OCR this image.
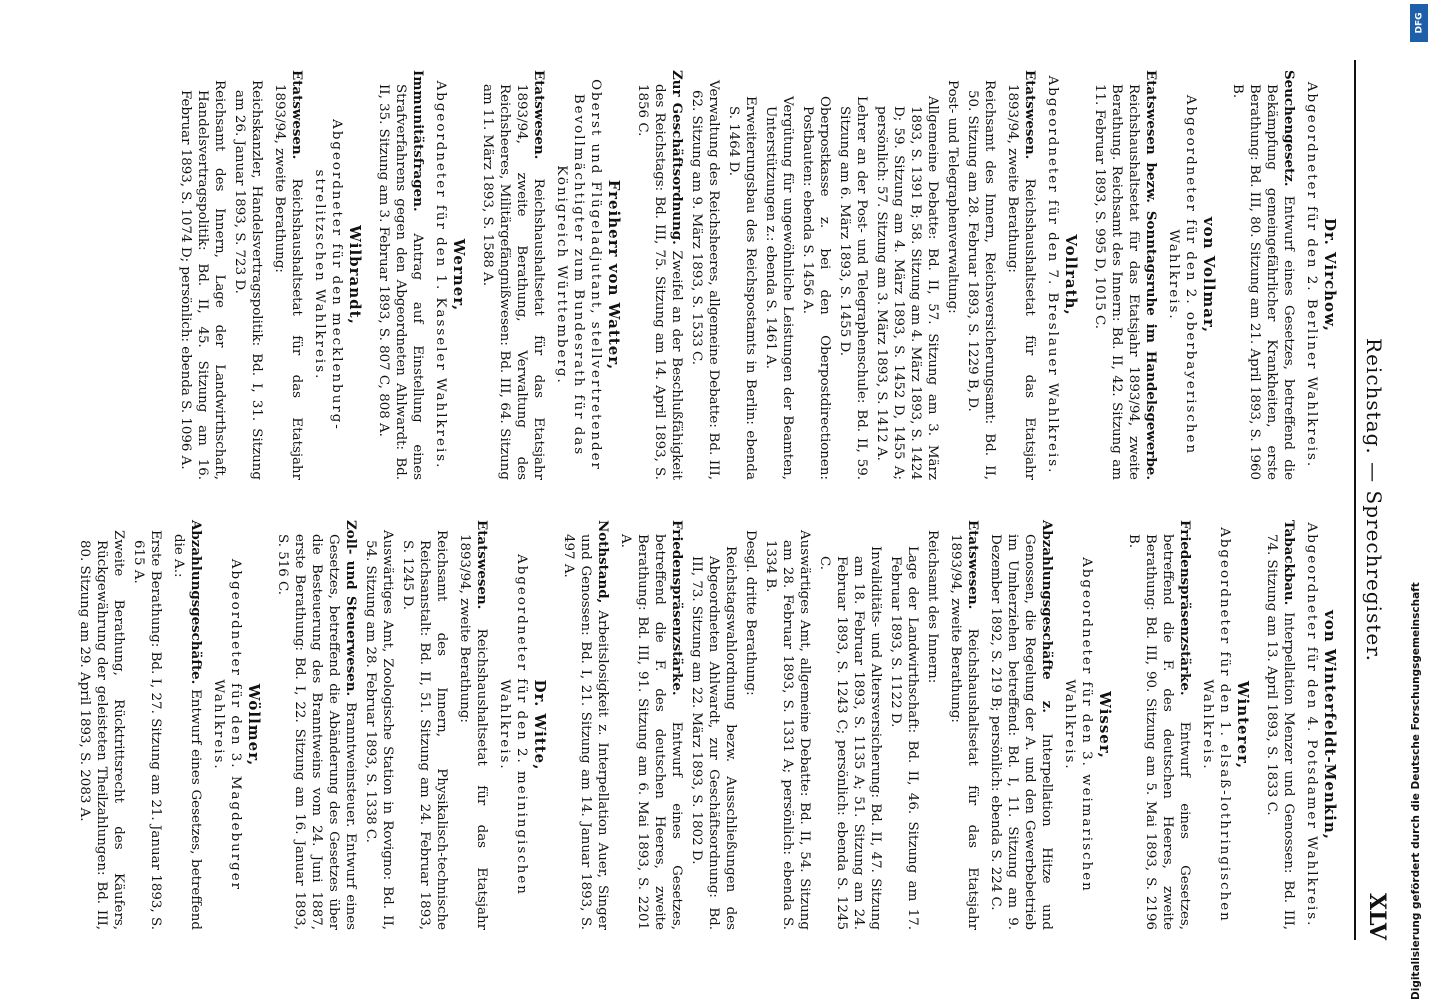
Reichstag. — Sprechregister.
XLV
Dr. Virchow,
Abgeordneter für den 2. Berliner Wahlkreis.
Seuchengesetz. Entwurf eines Gesetzes, betreffend die Bekämpfung gemeingefährlicher Krankheiten, erste Berathung: Bd. III, 80. Sitzung am 21. April 1893, S. 1960 B.
von Vollmar,
Abgeordneter für den 2. oberbayerischen Wahlkreis.
Etatswesen bezw. Sonntagsruhe im Handelsgewerbe. Reichshaushaltsetat für das Etatsjahr 1893/94, zweite Berathung. Reichsamt des Innern: Bd. II, 42. Sitzung am 11. Februar 1893, S. 995 D, 1015 C.
Vollrath,
Abgeordneter für den 7. Breslauer Wahlkreis.
Etatswesen. Reichshaushaltsetat für das Etatsjahr 1893/94, zweite Berathung:
Reichsamt des Innern, Reichsversicherungsamt: Bd. II, 50. Sitzung am 28. Februar 1893, S. 1229 B, D.
Post- und Telegraphenverwaltung:
Allgemeine Debatte: Bd. II, 57. Sitzung am 3. März 1893, S. 1391 B; 58. Sitzung am 4. März 1893, S. 1424 D; 59. Sitzung am 4. März 1893, S. 1452 D, 1455 A; persönlich: 57. Sitzung am 3. März 1893, S. 1412 A.
Lehrer an der Post- und Telegraphenschule: Bd. II, 59. Sitzung am 6. März 1893, S. 1455 D.
Oberpostkasse z. bei den Oberpostdirectionen: Postbauten: ebenda S. 1456 A.
Vergütung für ungewöhnliche Leistungen der Beamten, Unterstützungen z.: ebenda S. 1461 A.
Erweiterungsbau des Reichspostamts in Berlin: ebenda S. 1464 D.
Verwaltung des Reichsheeres, allgemeine Debatte: Bd. III, 62. Sitzung am 9. März 1893, S. 1533 C.
Zur Geschäftsordnung. Zweifel an der Beschlußfähigkeit des Reichstags: Bd. III, 75. Sitzung am 14. April 1893, S. 1856 C.
Freiherr von Watter,
Oberst und Flügeladjutant, stellvertretender Bevollmächtigter zum Bundesrath für das Königreich Württemberg.
Etatswesen. Reichshaushaltsetat für das Etatsjahr 1893/94, zweite Berathung, Verwaltung des Reichsheeres, Militärgefängnißwesen: Bd. III, 64. Sitzung am 11. März 1893, S. 1588 A.
Werner,
Abgeordneter für den 1. Kasseler Wahlkreis.
Immunitätsfragen. Antrag auf Einstellung eines Strafverfahrens gegen den Abgeordneten Ahlwardt: Bd. II, 35. Sitzung am 3. Februar 1893, S. 807 C, 808 A.
Wilbrandt,
Abgeordneter für den mecklenburg-strelitzschen Wahlkreis.
Etatswesen. Reichshaushaltsetat für das Etatsjahr 1893/94, zweite Berathung:
Reichskanzler, Handelsvertragspolitik: Bd. I, 31. Sitzung am 26. Januar 1893, S. 723 D.
Reichsamt des Innern, Lage der Landwirthschaft, Handelsvertragspolitik: Bd. II, 45. Sitzung am 16. Februar 1893, S. 1074 D; persönlich: ebenda S. 1096 A.
von Winterfeldt-Menkin,
Abgeordneter für den 4. Potsdamer Wahlkreis.
Tabackbau. Interpellation Menzer und Genossen: Bd. III, 74. Sitzung am 13. April 1893, S. 1833 C.
Winterer,
Abgeordneter für den 1. elsaß-lothringischen Wahlkreis.
Friedenspräsenzstärke. Entwurf eines Gesetzes, betreffend die F. des deutschen Heeres, zweite Berathung: Bd. III, 90. Sitzung am 5. Mai 1893, S. 2196 B.
Wisser,
Abgeordneter für den 3. weimarischen Wahlkreis.
Abzahlungsgeschäfte z. Interpellation Hitze und Genossen, die Regelung der A. und den Gewerbebetrieb im Umherziehen betreffend: Bd. I, 11. Sitzung am 9. Dezember 1892, S. 219 B; persönlich: ebenda S. 224 C.
Etatswesen. Reichshaushaltsetat für das Etatsjahr 1893/94, zweite Berathung:
Reichsamt des Innern:
Lage der Landwirthschaft: Bd. II, 46. Sitzung am 17. Februar 1893, S. 1122 D.
Invaliditäts- und Altersversicherung: Bd. II, 47. Sitzung am 18. Februar 1893, S. 1135 A; 51. Sitzung am 24. Februar 1893, S. 1243 C; persönlich: ebenda S. 1245 C.
Auswärtiges Amt, allgemeine Debatte: Bd. II, 54. Sitzung am 28. Februar 1893, S. 1331 A; persönlich: ebenda S. 1334 B.
Desgl. dritte Berathung:
Reichstagswahlordnung bezw. Ausschließungen des Abgeordneten Ahlwardt, zur Geschäftsordnung: Bd. III, 73. Sitzung am 22. März 1893, S. 1802 D.
Friedenspräsenzstärke. Entwurf eines Gesetzes, betreffend die F. des deutschen Heeres, zweite Berathung: Bd. III, 91. Sitzung am 6. Mai 1893, S. 2201 A.
Nothstand, Arbeitslosigkeit z. Interpellation Auer, Singer und Genossen: Bd. I, 21. Sitzung am 14. Januar 1893, S. 497 A.
Dr. Witte,
Abgeordneter für den 2. meiningischen Wahlkreis.
Etatswesen. Reichshaushaltsetat für das Etatsjahr 1893/94, zweite Berathung:
Reichsamt des Innern, Physikalisch-technische Reichsanstalt: Bd. II, 51. Sitzung am 24. Februar 1893, S. 1245 D.
Auswärtiges Amt, Zoologische Station in Rovigno: Bd. II, 54. Sitzung am 28. Februar 1893, S. 1338 C.
Zoll- und Steuerwesen. Branntweinsteuer. Entwurf eines Gesetzes, betreffend die Abänderung des Gesetzes über die Besteuerung des Branntweins vom 24. Juni 1887, erste Berathung: Bd. I, 22. Sitzung am 16. Januar 1893, S. 516 C.
Wöllmer,
Abgeordneter für den 3. Magdeburger Wahlkreis.
Abzahlungsgeschäfte. Entwurf eines Gesetzes, betreffend die A.:
Erste Berathung: Bd. I, 27. Sitzung am 21. Januar 1893, S. 615 A.
Zweite Berathung, Rücktrittsrecht des Käufers, Rückgewährung der geleisteten Theilzahlungen: Bd. III, 80. Sitzung am 29. April 1893, S. 2083 A.
DFG
Digitalisierung gefördert durch die Deutsche Forschungsgemeinschaft
